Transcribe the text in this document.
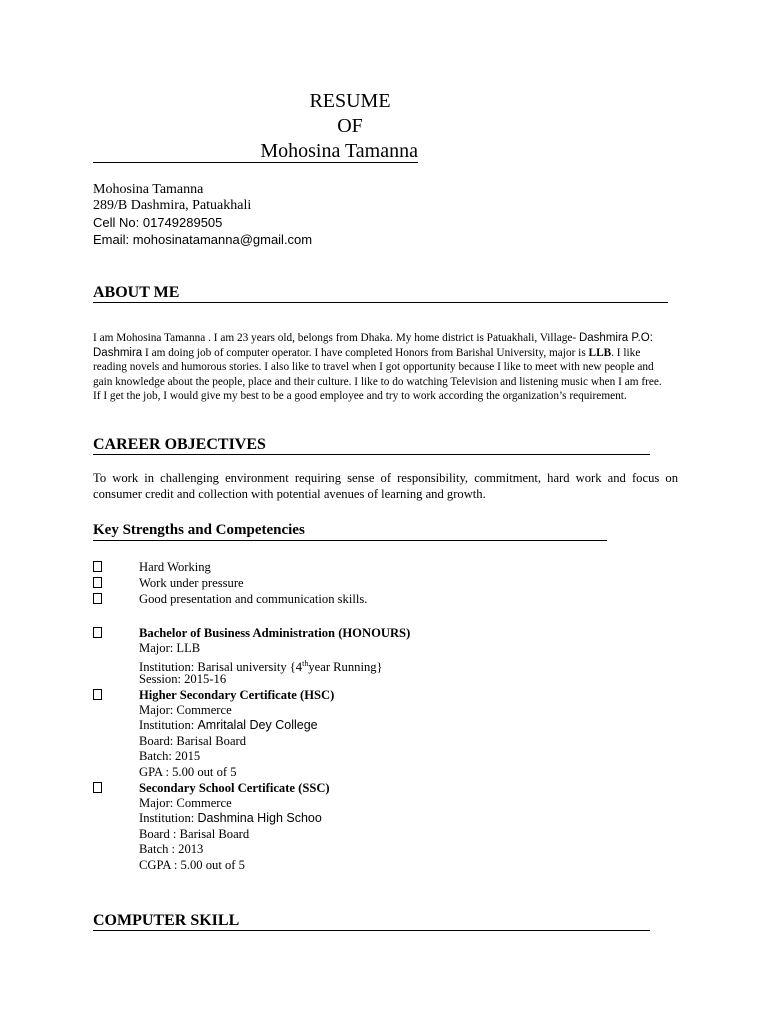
RESUME
OF
Mohosina Tamanna
Mohosina Tamanna
289/B Dashmira, Patuakhali
Cell No: 01749289505
Email: mohosinatamanna@gmail.com
ABOUT ME
I am Mohosina Tamanna . I am 23 years old, belongs from Dhaka. My home district is Patuakhali, Village- Dashmira P.O: Dashmira I am doing job of computer operator. I have completed Honors from Barishal University, major is LLB. I like reading novels and humorous stories. I also like to travel when I got opportunity because I like to meet with new people and gain knowledge about the people, place and their culture. I like to do watching Television and listening music when I am free. If I get the job, I would give my best to be a good employee and try to work according the organization’s requirement.
CAREER OBJECTIVES
To work in challenging environment requiring sense of responsibility, commitment, hard work and focus on consumer credit and collection with potential avenues of learning and growth.
Key Strengths and Competencies
Hard Working
Work under pressure
Good presentation and communication skills.
Bachelor of Business Administration (HONOURS)
Major: LLB
Institution: Barisal university {4thyear Running}
Session: 2015-16
Higher Secondary Certificate (HSC)
Major: Commerce
Institution: Amritalal Dey College
Board: Barisal Board
Batch: 2015
GPA : 5.00 out of 5
Secondary School Certificate (SSC)
Major: Commerce
Institution: Dashmina High Schoo
Board : Barisal Board
Batch : 2013
CGPA : 5.00 out of 5
COMPUTER SKILL
